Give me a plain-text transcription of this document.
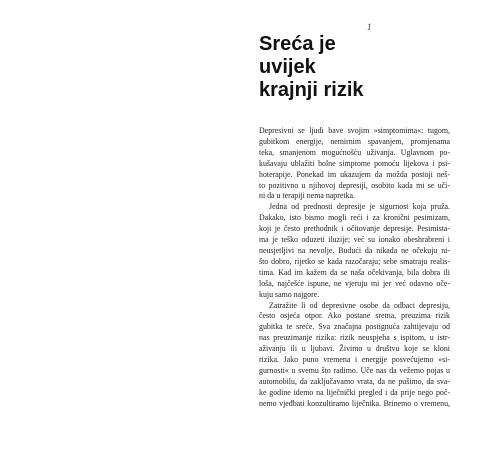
1
Sreća je
uvijek
krajnji rizik

Depresivni se ljudi bave svojim »simptomima«: tugom,
gubitkom energije, nemirnim spavanjem, promjenama
teka, smanjenom mogućnošću uživanja. Uglavnom po-
kušavaju ublažiti bolne simptome pomoću lijekova i psi-
hoterapije. Ponekad im ukazujem da možda postoji neš-
to pozitivno u njihovoj depresiji, osobito kada mi se uči-
ni da u terapiji nema napretka.

Jedna od prednosti depresije je sigurnost koja pruža.
Dakako, isto bismo mogli reći i za kronični pesimizam,
koji je često prethodnik i očitovanje depresije. Pesimista-
ma je teško oduzeti iluzije; već su ionako obeshrabreni i
neusjetljivi na nevolje. Budući da nikada ne očekuju ni-
što dobro, rijetko se kada razočaraju; sebe smatraju realis-
tima. Kad im kažem da se naša očekivanja, bila dobra ili
loša, najčešće ispune, ne vjeruju mi jer već odavno oče-
kuju samo najgore.

Zatražite li od depresivne osobe da odbaci depresiju,
često osjeća otpor. Ako postane sretna, preuzima rizik
gubitka te sreće. Sva značajna postignuća zahtijevaju od
nas preuzimanje rizika: rizik neuspjeha s ispitom, u istr-
aživanju ili u ljubavi. Živimo u društvu koje se kloni
rizika. Jako puno vremena i energije posvećujemo »si-
gurnosti« u svemu što radimo. Uče nas da vežemo pojas u
automobilu, da zaključavamo vrata, da ne pušimo, da sva-
ke godine idemo na liječnički pregled i da prije nego poč-
nemo vjeđbati konzultiramo liječnika. Brinemo o vremenu,
